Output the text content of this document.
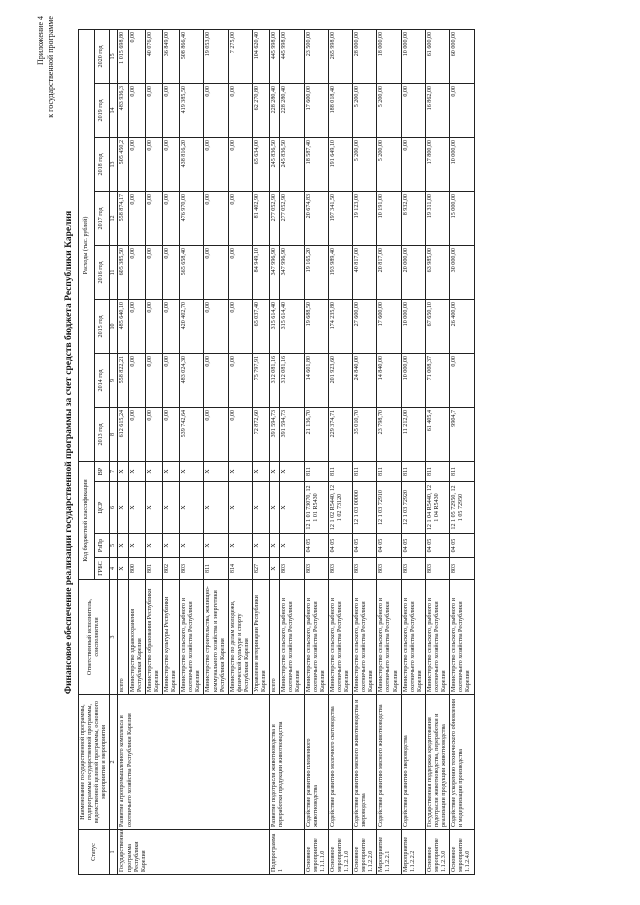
Приложение 4 к государственной программе
Финансовое обеспечение реализации государственной программы за счет средств бюджета Республики Карелия
Статус	Наименование государственной программы, подпрограммы государственной программы, ведомственной целевой программы, основного мероприятия и мероприятия	Ответственный исполнитель, соисполнители	Код бюджетной классификации				Расходы (тыс. рублей)							
			ГРБС	РзПр	ЦСР	ВР	2013 год	2014 год	2015 год	2016 год	2017 год	2018 год	2019 год	2020 год
1	2	3	4	5	6	7	8	9	10	11	12	13	14	15
Государственная программа Республики Карелия	Развитие агропромышленного комплекса и охотничьего хозяйства Республики Карелия	всего	X	X	X	X	612 615,24	558 822,21	485 640,10	605 385,50	558 874,17	505 450,2	483 936,3	1 015 698,80
		Министерство здравоохранения Республики Карелия	800	X	X	X	0,00	0,00	0,00	0,00	0,00	0,00	0,00	0,00
		Министерство образования Республики Карелия	801	X	X	X	0,00	0,00	0,00	0,00	0,00	0,00	0,00	40 076,00
		Министерство культуры Республики Карелия	802	X	X	X	0,00	0,00	0,00	0,00	0,00	0,00	0,00	36 849,00
		Министерство сельского, рыбного и охотничьего хозяйства Республики Карелия	803	X	X	X	539 742,64	483 024,30	420 402,70	565 658,40	476 970,00	438 816,20	419 385,50	508 866,40
		Министерство строительства, жилищно-коммунального хозяйства и энергетики Республики Карелия	811	X	X	X	0,00	0,00	0,00	0,00	0,00	0,00	0,00	19 053,00
		Министерство по делам молодежи, физической культуре и спорту Республики Карелия	814	X	X	X	0,00	0,00	0,00	0,00	0,00	0,00	0,00	7 275,00
		Управление ветеринарии Республики Карелия	827	X	X	X	72 872,60	75 797,91	65 037,40	84 949,10	81 402,90	65 634,00	62 270,80	104 620,40
Подпрограмма 1	Развитие подотрасли животноводства и переработки продукции животноводства	всего	X	X	X	X	391 594,73	312 081,16	315 614,40	347 996,90	277 052,90	245 836,50	228 280,40	445 998,00
		Министерство сельского, рыбного и охотничьего хозяйства Республики Карелия	803	X	X	X	391 594,73	312 081,16	315 614,40	347 996,90	277 052,90	245 836,50	228 280,40	445 998,00
Основное мероприятие 1.1.1.1.0	Содействие развитию племенного животноводства	Министерство сельского, рыбного и охотничьего хозяйства Республики Карелия	803	04 05	12 1 01 73070, 12 1 01 R5430	811	21 136,70	14 601,80	19 688,50	19 165,20	20 674,83	18 587,40	17 600,00	23 500,00
Основное мероприятие 1.1.2.1.0	Содействие развитию молочного скотоводства	Министерство сельского, рыбного и охотничьего хозяйства Республики Карелия	803	04 05	12 1 02 R5440, 12 1 02 73120	811	229 374,71	201 923,60	174 235,80	193 989,40	197 341,50	191 649,10	188 018,40	265 998,00
Основное мероприятие 1.1.2.2.0	Содействие развитию мясного животноводства и звероводства	Министерство сельского, рыбного и охотничьего хозяйства Республики Карелия	803	04 05	12 1 03 00000	811	35 010,70	24 840,00	27 600,00	40 817,00	19 123,00	5 200,00	5 200,00	28 000,00
Мероприятие 1.1.2.2.1	Содействие развитию мясного животноводства	Министерство сельского, рыбного и охотничьего хозяйства Республики Карелия	803	04 05	12 1 03 72910	811	23 798,70	14 840,00	17 600,00	20 817,00	10 191,00	5 200,00	5 200,00	18 000,00
Мероприятие 1.1.2.2.2	Содействие развитию звероводства	Министерство сельского, рыбного и охотничьего хозяйства Республики Карелия	803	04 05	12 1 03 72920	811	11 212,00	10 000,00	10 000,00	20 000,00	8 932,00	0,00	0,00	10 000,00
Основное мероприятие 1.1.2.3.0	Государственная поддержка кредитования подотрасли животноводства, переработки и реализации продукции животноводства	Министерство сельского, рыбного и охотничьего хозяйства Республики Карелия	803	04 05	12 1 04 R5440, 12 1 04 R5430	811	61 405,4	71 008,37	67 650,10	63 985,00	19 311,00	17 800,00	16 862,00	61 600,00
Основное мероприятие 1.1.2.4.0	Содействие ускорению технического обновления и модернизации производства	Министерство сельского, рыбного и охотничьего хозяйства Республики Карелия	803	04 05	12 1 05 72950, 12 1 05 72950	811	9904,7	0,00	26 400,00	30 000,00	15 000,00	10 000,00	0,00	60 000,00
